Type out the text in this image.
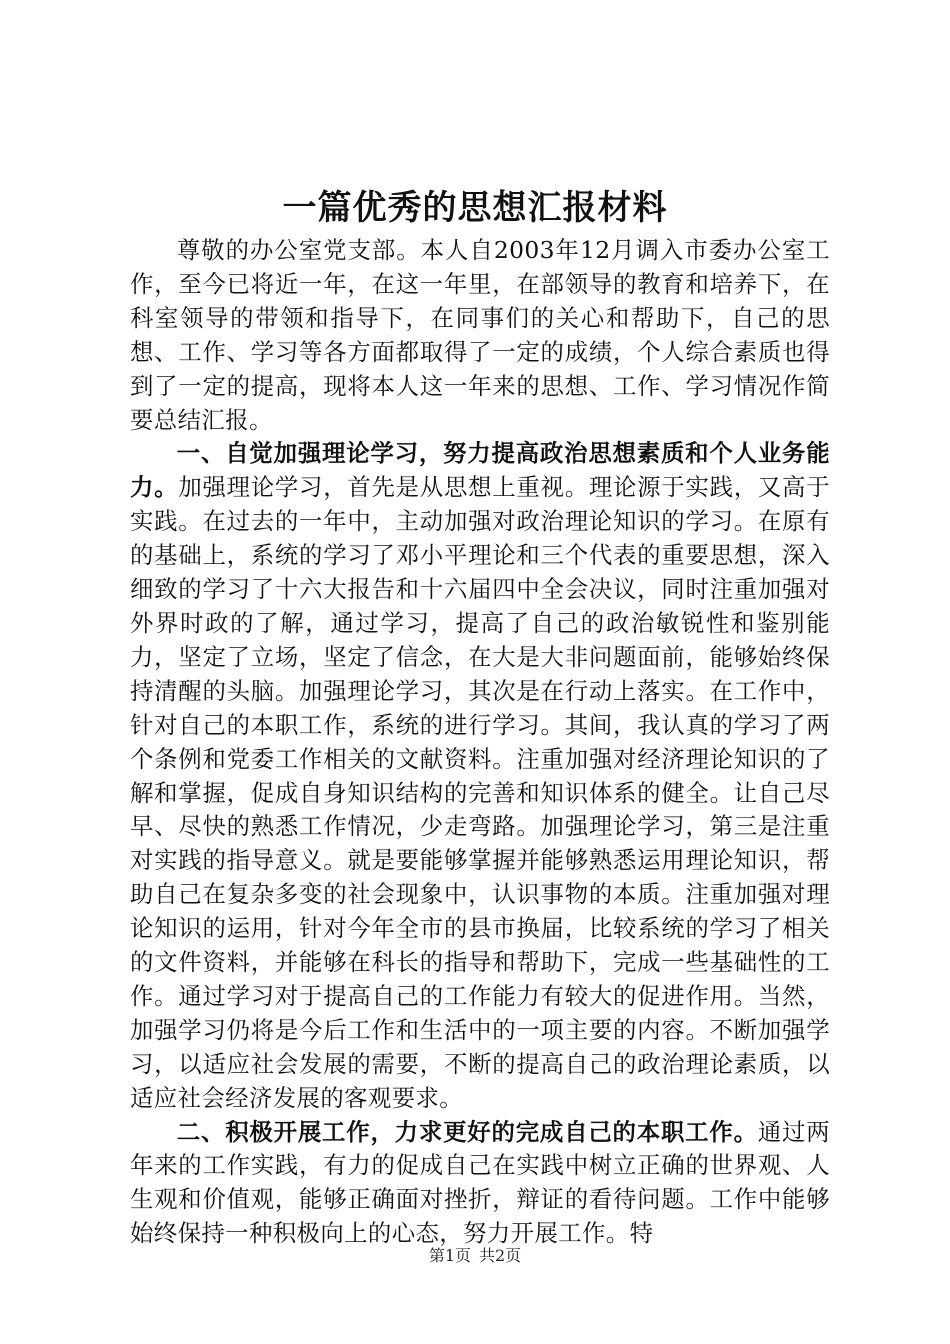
一篇优秀的思想汇报材料

尊敬的办公室党支部。本人自2003年12月调入市委办公室工作，至今已将近一年，在这一年里，在部领导的教育和培养下，在科室领导的带领和指导下，在同事们的关心和帮助下，自己的思想、工作、学习等各方面都取得了一定的成绩，个人综合素质也得到了一定的提高，现将本人这一年来的思想、工作、学习情况作简要总结汇报。

一、自觉加强理论学习，努力提高政治思想素质和个人业务能力。加强理论学习，首先是从思想上重视。理论源于实践，又高于实践。在过去的一年中，主动加强对政治理论知识的学习。在原有的基础上，系统的学习了邓小平理论和三个代表的重要思想，深入细致的学习了十六大报告和十六届四中全会决议，同时注重加强对外界时政的了解，通过学习，提高了自己的政治敏锐性和鉴别能力，坚定了立场，坚定了信念，在大是大非问题面前，能够始终保持清醒的头脑。加强理论学习，其次是在行动上落实。在工作中，针对自己的本职工作，系统的进行学习。其间，我认真的学习了两个条例和党委工作相关的文献资料。注重加强对经济理论知识的了解和掌握，促成自身知识结构的完善和知识体系的健全。让自己尽早、尽快的熟悉工作情况，少走弯路。加强理论学习，第三是注重对实践的指导意义。就是要能够掌握并能够熟悉运用理论知识，帮助自己在复杂多变的社会现象中，认识事物的本质。注重加强对理论知识的运用，针对今年全市的县市换届，比较系统的学习了相关的文件资料，并能够在科长的指导和帮助下，完成一些基础性的工作。通过学习对于提高自己的工作能力有较大的促进作用。当然，加强学习仍将是今后工作和生活中的一项主要的内容。不断加强学习，以适应社会发展的需要，不断的提高自己的政治理论素质，以适应社会经济发展的客观要求。

二、积极开展工作，力求更好的完成自己的本职工作。通过两年来的工作实践，有力的促成自己在实践中树立正确的世界观、人生观和价值观，能够正确面对挫折，辩证的看待问题。工作中能够始终保持一种积极向上的心态，努力开展工作。特

第1页 共2页
